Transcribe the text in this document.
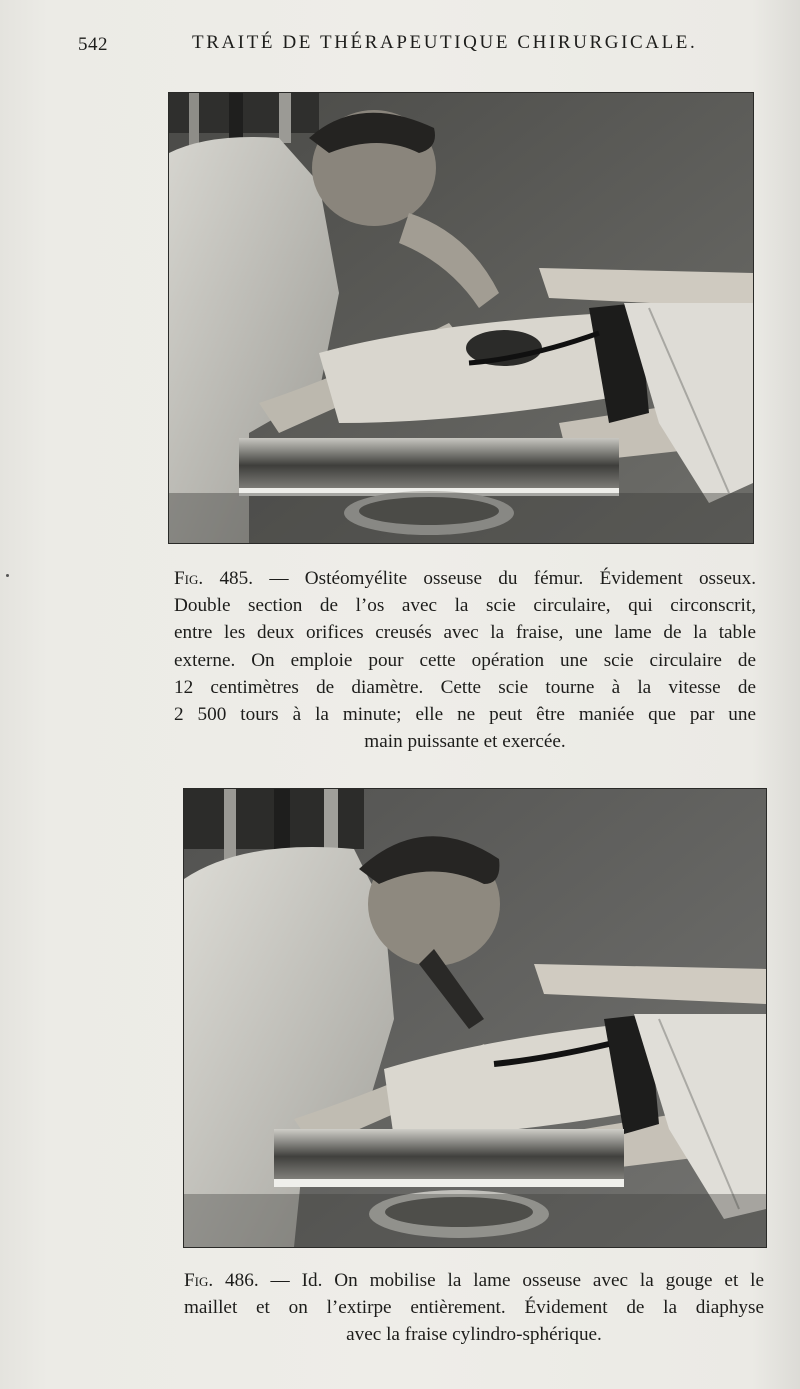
542	TRAITÉ DE THÉRAPEUTIQUE CHIRURGICALE.
Fig. 485. — Ostéomyélite osseuse du fémur. Évidement osseux.
Double section de l’os avec la scie circulaire, qui circonscrit,
entre les deux orifices creusés avec la fraise, une lame de la table
externe. On emploie pour cette opération une scie circulaire de
12 centimètres de diamètre. Cette scie tourne à la vitesse de
2 500 tours à la minute; elle ne peut être maniée que par une
main puissante et exercée.
Fig. 486. — Id. On mobilise la lame osseuse avec la gouge et le
maillet et on l’extirpe entièrement. Évidement de la diaphyse
avec la fraise cylindro-sphérique.
